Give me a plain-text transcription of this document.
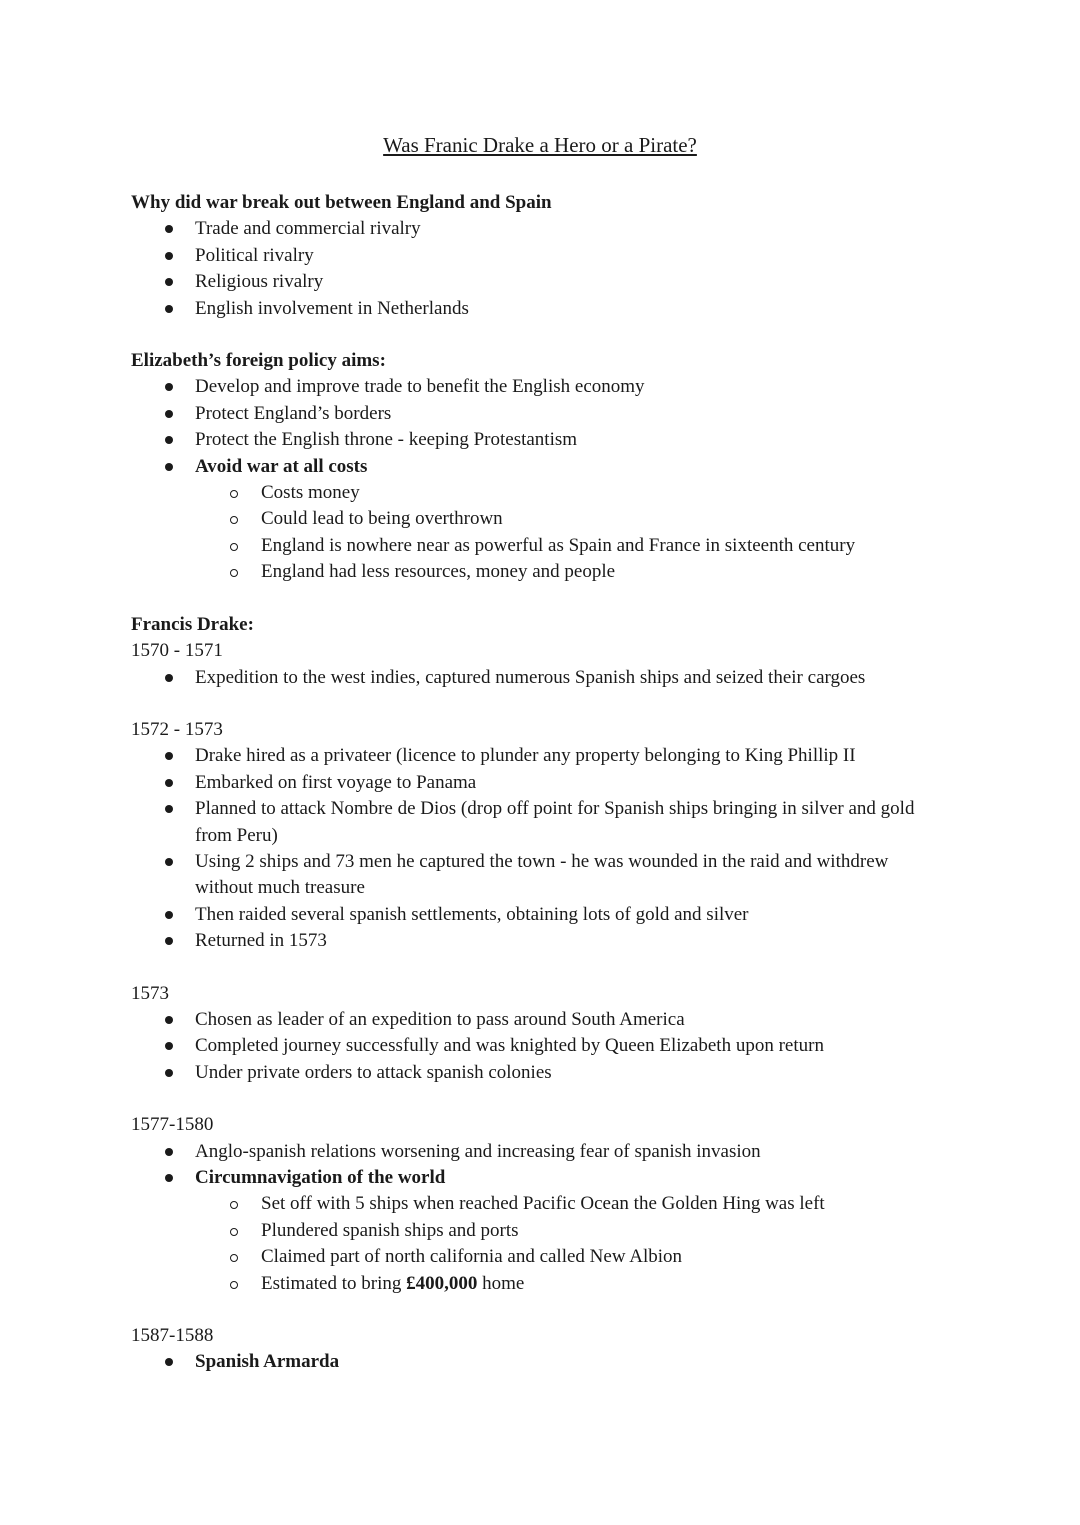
Was Franic Drake a Hero or a Pirate?

Why did war break out between England and Spain

Trade and commercial rivalry
Political rivalry
Religious rivalry
English involvement in Netherlands

Elizabeth’s foreign policy aims:

Develop and improve trade to benefit the English economy
Protect England’s borders
Protect the English throne - keeping Protestantism
Avoid war at all costs
Costs money
Could lead to being overthrown
England is nowhere near as powerful as Spain and France in sixteenth century
England had less resources, money and people

Francis Drake:

1570 - 1571

Expedition to the west indies, captured numerous Spanish ships and seized their cargoes

1572 - 1573

Drake hired as a privateer (licence to plunder any property belonging to King Phillip II
Embarked on first voyage to Panama
Planned to attack Nombre de Dios (drop off point for Spanish ships bringing in silver and gold from Peru)
Using 2 ships and 73 men he captured the town - he was wounded in the raid and withdrew without much treasure
Then raided several spanish settlements, obtaining lots of gold and silver
Returned in 1573

1573

Chosen as leader of an expedition to pass around South America
Completed journey successfully and was knighted by Queen Elizabeth upon return
Under private orders to attack spanish colonies

1577-1580

Anglo-spanish relations worsening and increasing fear of spanish invasion
Circumnavigation of the world
Set off with 5 ships when reached Pacific Ocean the Golden Hing was left
Plundered spanish ships and ports
Claimed part of north california and called New Albion
Estimated to bring £400,000 home

1587-1588

Spanish Armarda
